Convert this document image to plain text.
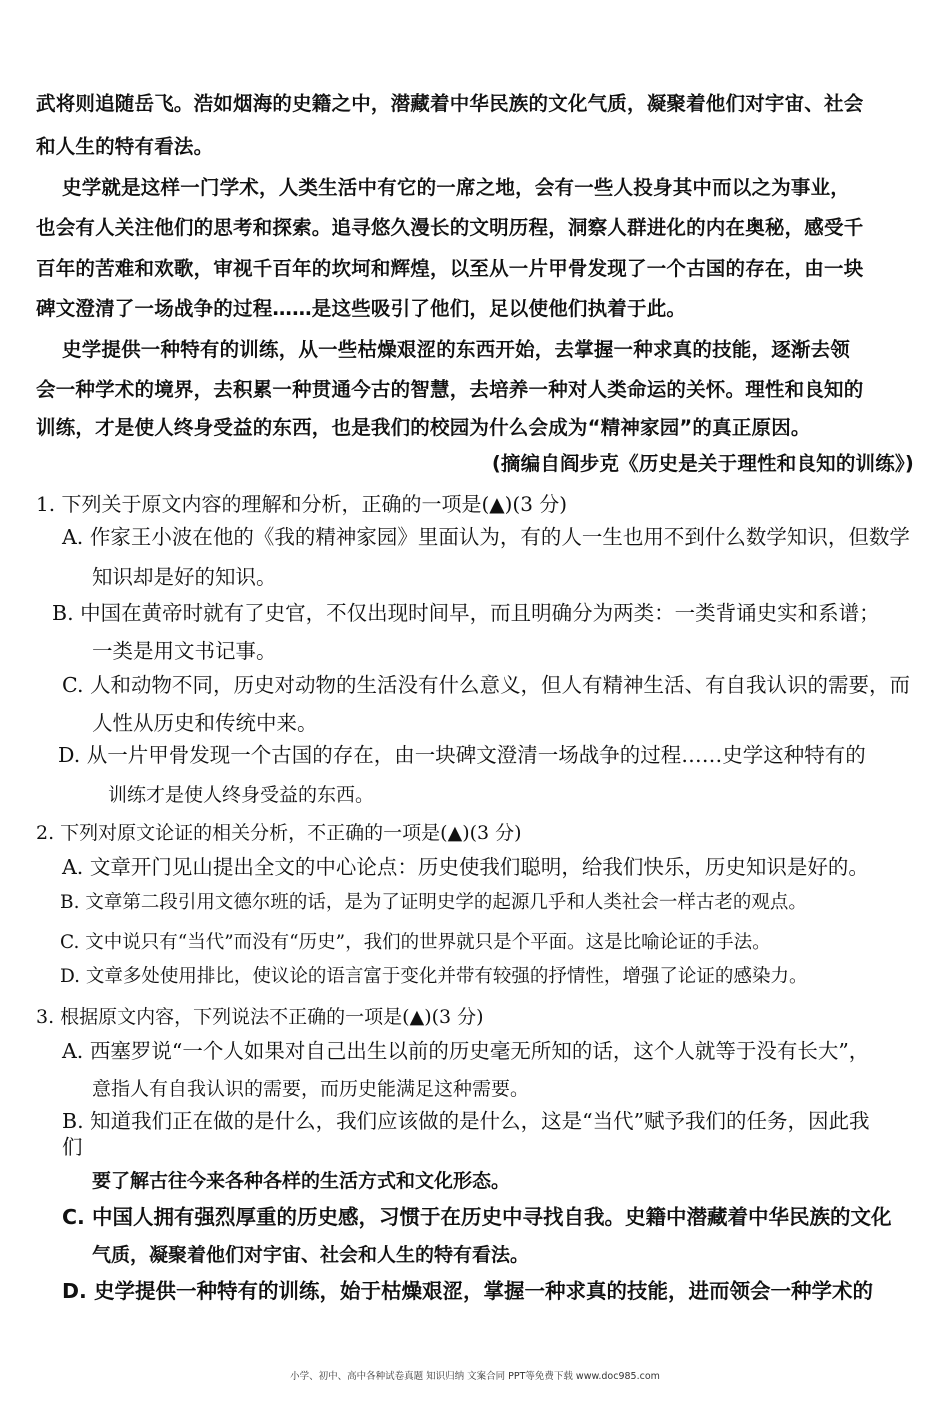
武将则追随岳飞。浩如烟海的史籍之中，潜藏着中华民族的文化气质，凝聚着他们对宇宙、社会
和人生的特有看法。
史学就是这样一门学术，人类生活中有它的一席之地，会有一些人投身其中而以之为事业，
也会有人关注他们的思考和探索。追寻悠久漫长的文明历程，洞察人群进化的内在奥秘，感受千
百年的苦难和欢歌，审视千百年的坎坷和辉煌，以至从一片甲骨发现了一个古国的存在，由一块
碑文澄清了一场战争的过程……是这些吸引了他们，足以使他们执着于此。
史学提供一种特有的训练，从一些枯燥艰涩的东西开始，去掌握一种求真的技能，逐渐去领
会一种学术的境界，去积累一种贯通今古的智慧，去培养一种对人类命运的关怀。理性和良知的
训练，才是使人终身受益的东西，也是我们的校园为什么会成为“精神家园”的真正原因。
(摘编自阎步克《历史是关于理性和良知的训练》)
1. 下列关于原文内容的理解和分析，正确的一项是(▲)(3 分)
A. 作家王小波在他的《我的精神家园》里面认为，有的人一生也用不到什么数学知识，但数学
知识却是好的知识。
B. 中国在黄帝时就有了史官，不仅出现时间早，而且明确分为两类：一类背诵史实和系谱；
一类是用文书记事。
C. 人和动物不同，历史对动物的生活没有什么意义，但人有精神生活、有自我认识的需要，而
人性从历史和传统中来。
D. 从一片甲骨发现一个古国的存在，由一块碑文澄清一场战争的过程……史学这种特有的
训练才是使人终身受益的东西。
2. 下列对原文论证的相关分析，不正确的一项是(▲)(3 分)
A. 文章开门见山提出全文的中心论点：历史使我们聪明，给我们快乐，历史知识是好的。
B. 文章第二段引用文德尔班的话，是为了证明史学的起源几乎和人类社会一样古老的观点。
C. 文中说只有“当代”而没有“历史”，我们的世界就只是个平面。这是比喻论证的手法。
D. 文章多处使用排比，使议论的语言富于变化并带有较强的抒情性，增强了论证的感染力。
3. 根据原文内容，下列说法不正确的一项是(▲)(3 分)
A. 西塞罗说“一个人如果对自己出生以前的历史毫无所知的话，这个人就等于没有长大”，
意指人有自我认识的需要，而历史能满足这种需要。
B. 知道我们正在做的是什么，我们应该做的是什么，这是“当代”赋予我们的任务，因此我
们
要了解古往今来各种各样的生活方式和文化形态。
C. 中国人拥有强烈厚重的历史感，习惯于在历史中寻找自我。史籍中潜藏着中华民族的文化
气质，凝聚着他们对宇宙、社会和人生的特有看法。
D. 史学提供一种特有的训练，始于枯燥艰涩，掌握一种求真的技能，进而领会一种学术的
小学、初中、高中各种试卷真题 知识归纳 文案合同 PPT等免费下载 www.doc985.com
